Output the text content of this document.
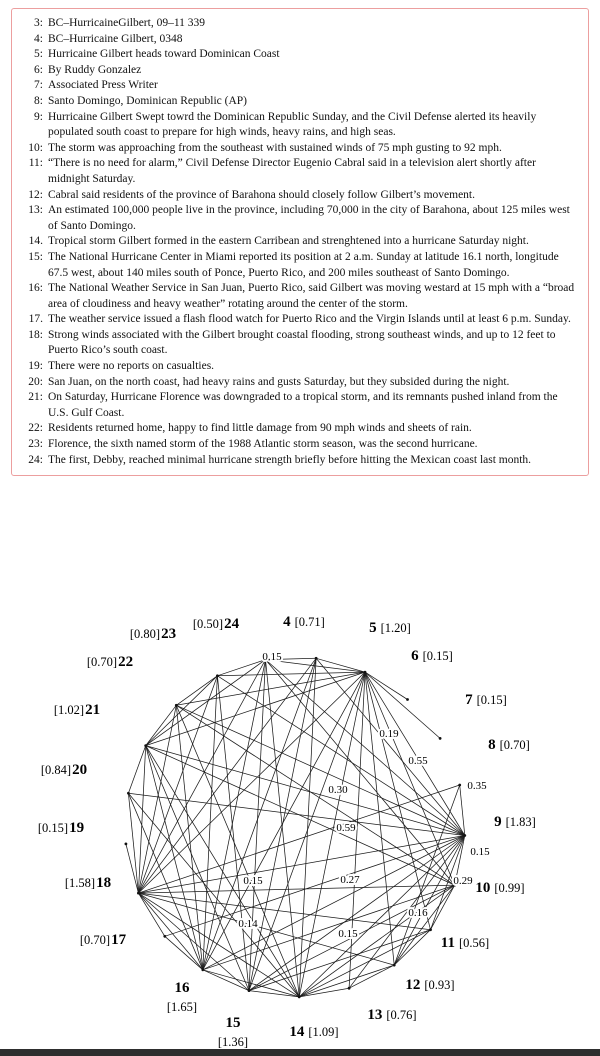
3: BC–HurricaineGilbert, 09–11 339
4: BC–Hurricaine Gilbert, 0348
5: Hurricaine Gilbert heads toward Dominican Coast
6: By Ruddy Gonzalez
7: Associated Press Writer
8: Santo Domingo, Dominican Republic (AP)
9: Hurricaine Gilbert Swept towrd the Dominican Republic Sunday, and the Civil Defense alerted its heavily populated south coast to prepare for high winds, heavy rains, and high seas.
10: The storm was approaching from the southeast with sustained winds of 75 mph gusting to 92 mph.
11: “There is no need for alarm,” Civil Defense Director Eugenio Cabral said in a television alert shortly after midnight Saturday.
12: Cabral said residents of the province of Barahona should closely follow Gilbert’s movement.
13: An estimated 100,000 people live in the province, including 70,000 in the city of Barahona, about 125 miles west of Santo Domingo.
14. Tropical storm Gilbert formed in the eastern Carribean and strenghtened into a hurricane Saturday night.
15: The National Hurricane Center in Miami reported its position at 2 a.m. Sunday at latitude 16.1 north, longitude 67.5 west, about 140 miles south of Ponce, Puerto Rico, and 200 miles southeast of Santo Domingo.
16: The National Weather Service in San Juan, Puerto Rico, said Gilbert was moving westard at 15 mph with a “broad area of cloudiness and heavy weather” rotating around the center of the storm.
17. The weather service issued a flash flood watch for Puerto Rico and the Virgin Islands until at least 6 p.m. Sunday.
18: Strong winds associated with the Gilbert brought coastal flooding, strong southeast winds, and up to 12 feet to Puerto Rico’s south coast.
19: There were no reports on casualties.
20: San Juan, on the north coast, had heavy rains and gusts Saturday, but they subsided during the night.
21: On Saturday, Hurricane Florence was downgraded to a tropical storm, and its remnants pushed inland from the U.S. Gulf Coast.
22: Residents returned home, happy to find little damage from 90 mph winds and sheets of rain.
23: Florence, the sixth named storm of the 1988 Atlantic storm season, was the second hurricane.
24: The first, Debby, reached minimal hurricane strength briefly before hitting the Mexican coast last month.
0.15
0.19
0.55
0.30	0.35
0.59
0.15
0.15	0.27	0.29
0.16
0.14
0.15
[0.50]24	4 [0.71]	5 [1.20]
6 [0.15]
7 [0.15]
8 [0.70]
9 [1.83]
10 [0.99]
11 [0.56]
12 [0.93]
13 [0.76]
14 [1.09]
15
[1.36]
16
[1.65]
[0.70]17
[1.58]18
[0.15]19
[0.84]20
[1.02]21
[0.70]22
[0.80]23
